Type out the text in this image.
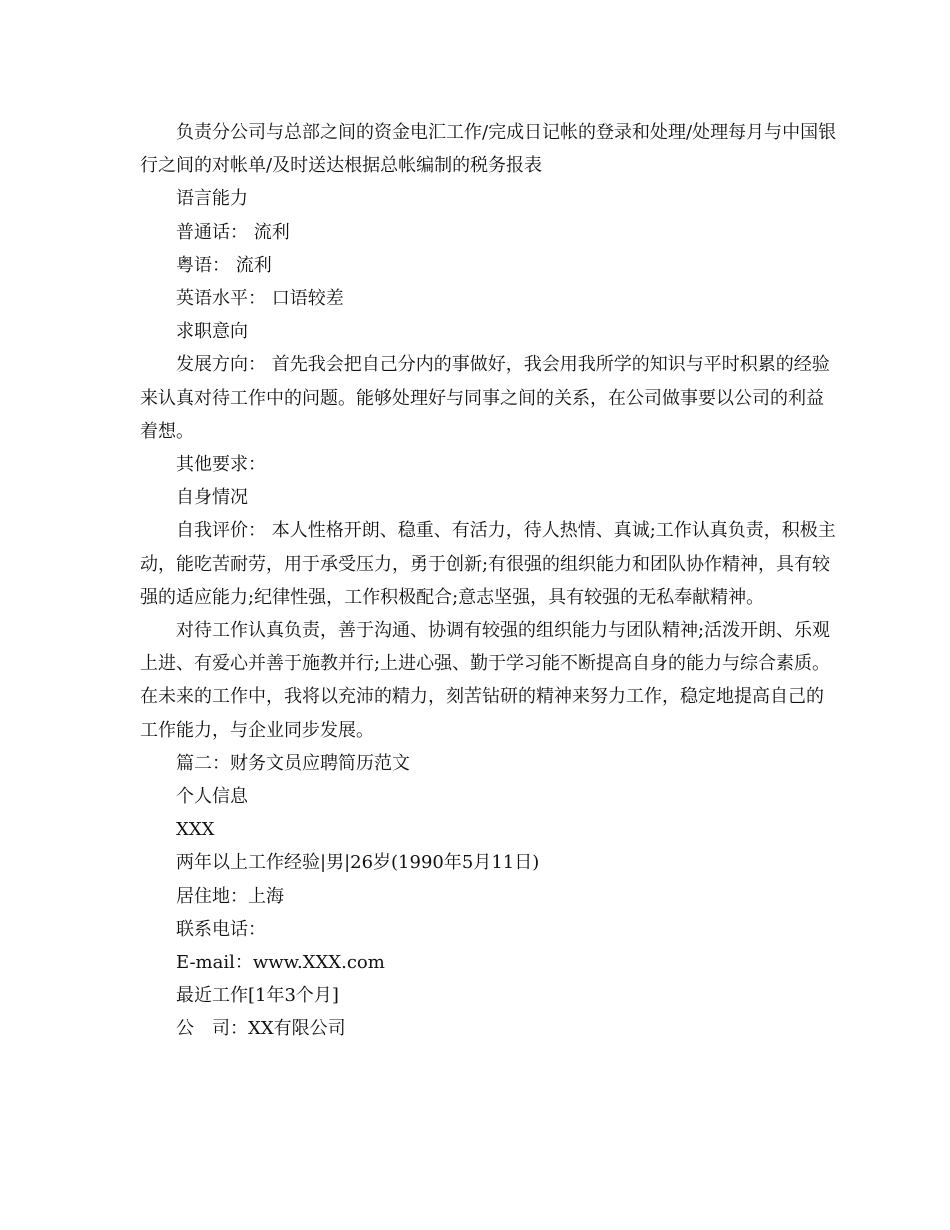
负责分公司与总部之间的资金电汇工作/完成日记帐的登录和处理/处理每月与中国银行之间的对帐单/及时送达根据总帐编制的税务报表

语言能力

普通话： 流利

粤语： 流利

英语水平： 口语较差

求职意向

发展方向： 首先我会把自己分内的事做好，我会用我所学的知识与平时积累的经验来认真对待工作中的问题。能够处理好与同事之间的关系，在公司做事要以公司的利益着想。

其他要求：

自身情况

自我评价： 本人性格开朗、稳重、有活力，待人热情、真诚;工作认真负责，积极主动，能吃苦耐劳，用于承受压力，勇于创新;有很强的组织能力和团队协作精神，具有较强的适应能力;纪律性强，工作积极配合;意志坚强，具有较强的无私奉献精神。

对待工作认真负责，善于沟通、协调有较强的组织能力与团队精神;活泼开朗、乐观上进、有爱心并善于施教并行;上进心强、勤于学习能不断提高自身的能力与综合素质。在未来的工作中，我将以充沛的精力，刻苦钻研的精神来努力工作，稳定地提高自己的工作能力，与企业同步发展。

篇二：财务文员应聘简历范文

个人信息

XXX

两年以上工作经验|男|26岁(1990年5月11日)

居住地：上海

联系电话：

E-mail：www.XXX.com

最近工作[1年3个月]

公　司：XX有限公司
